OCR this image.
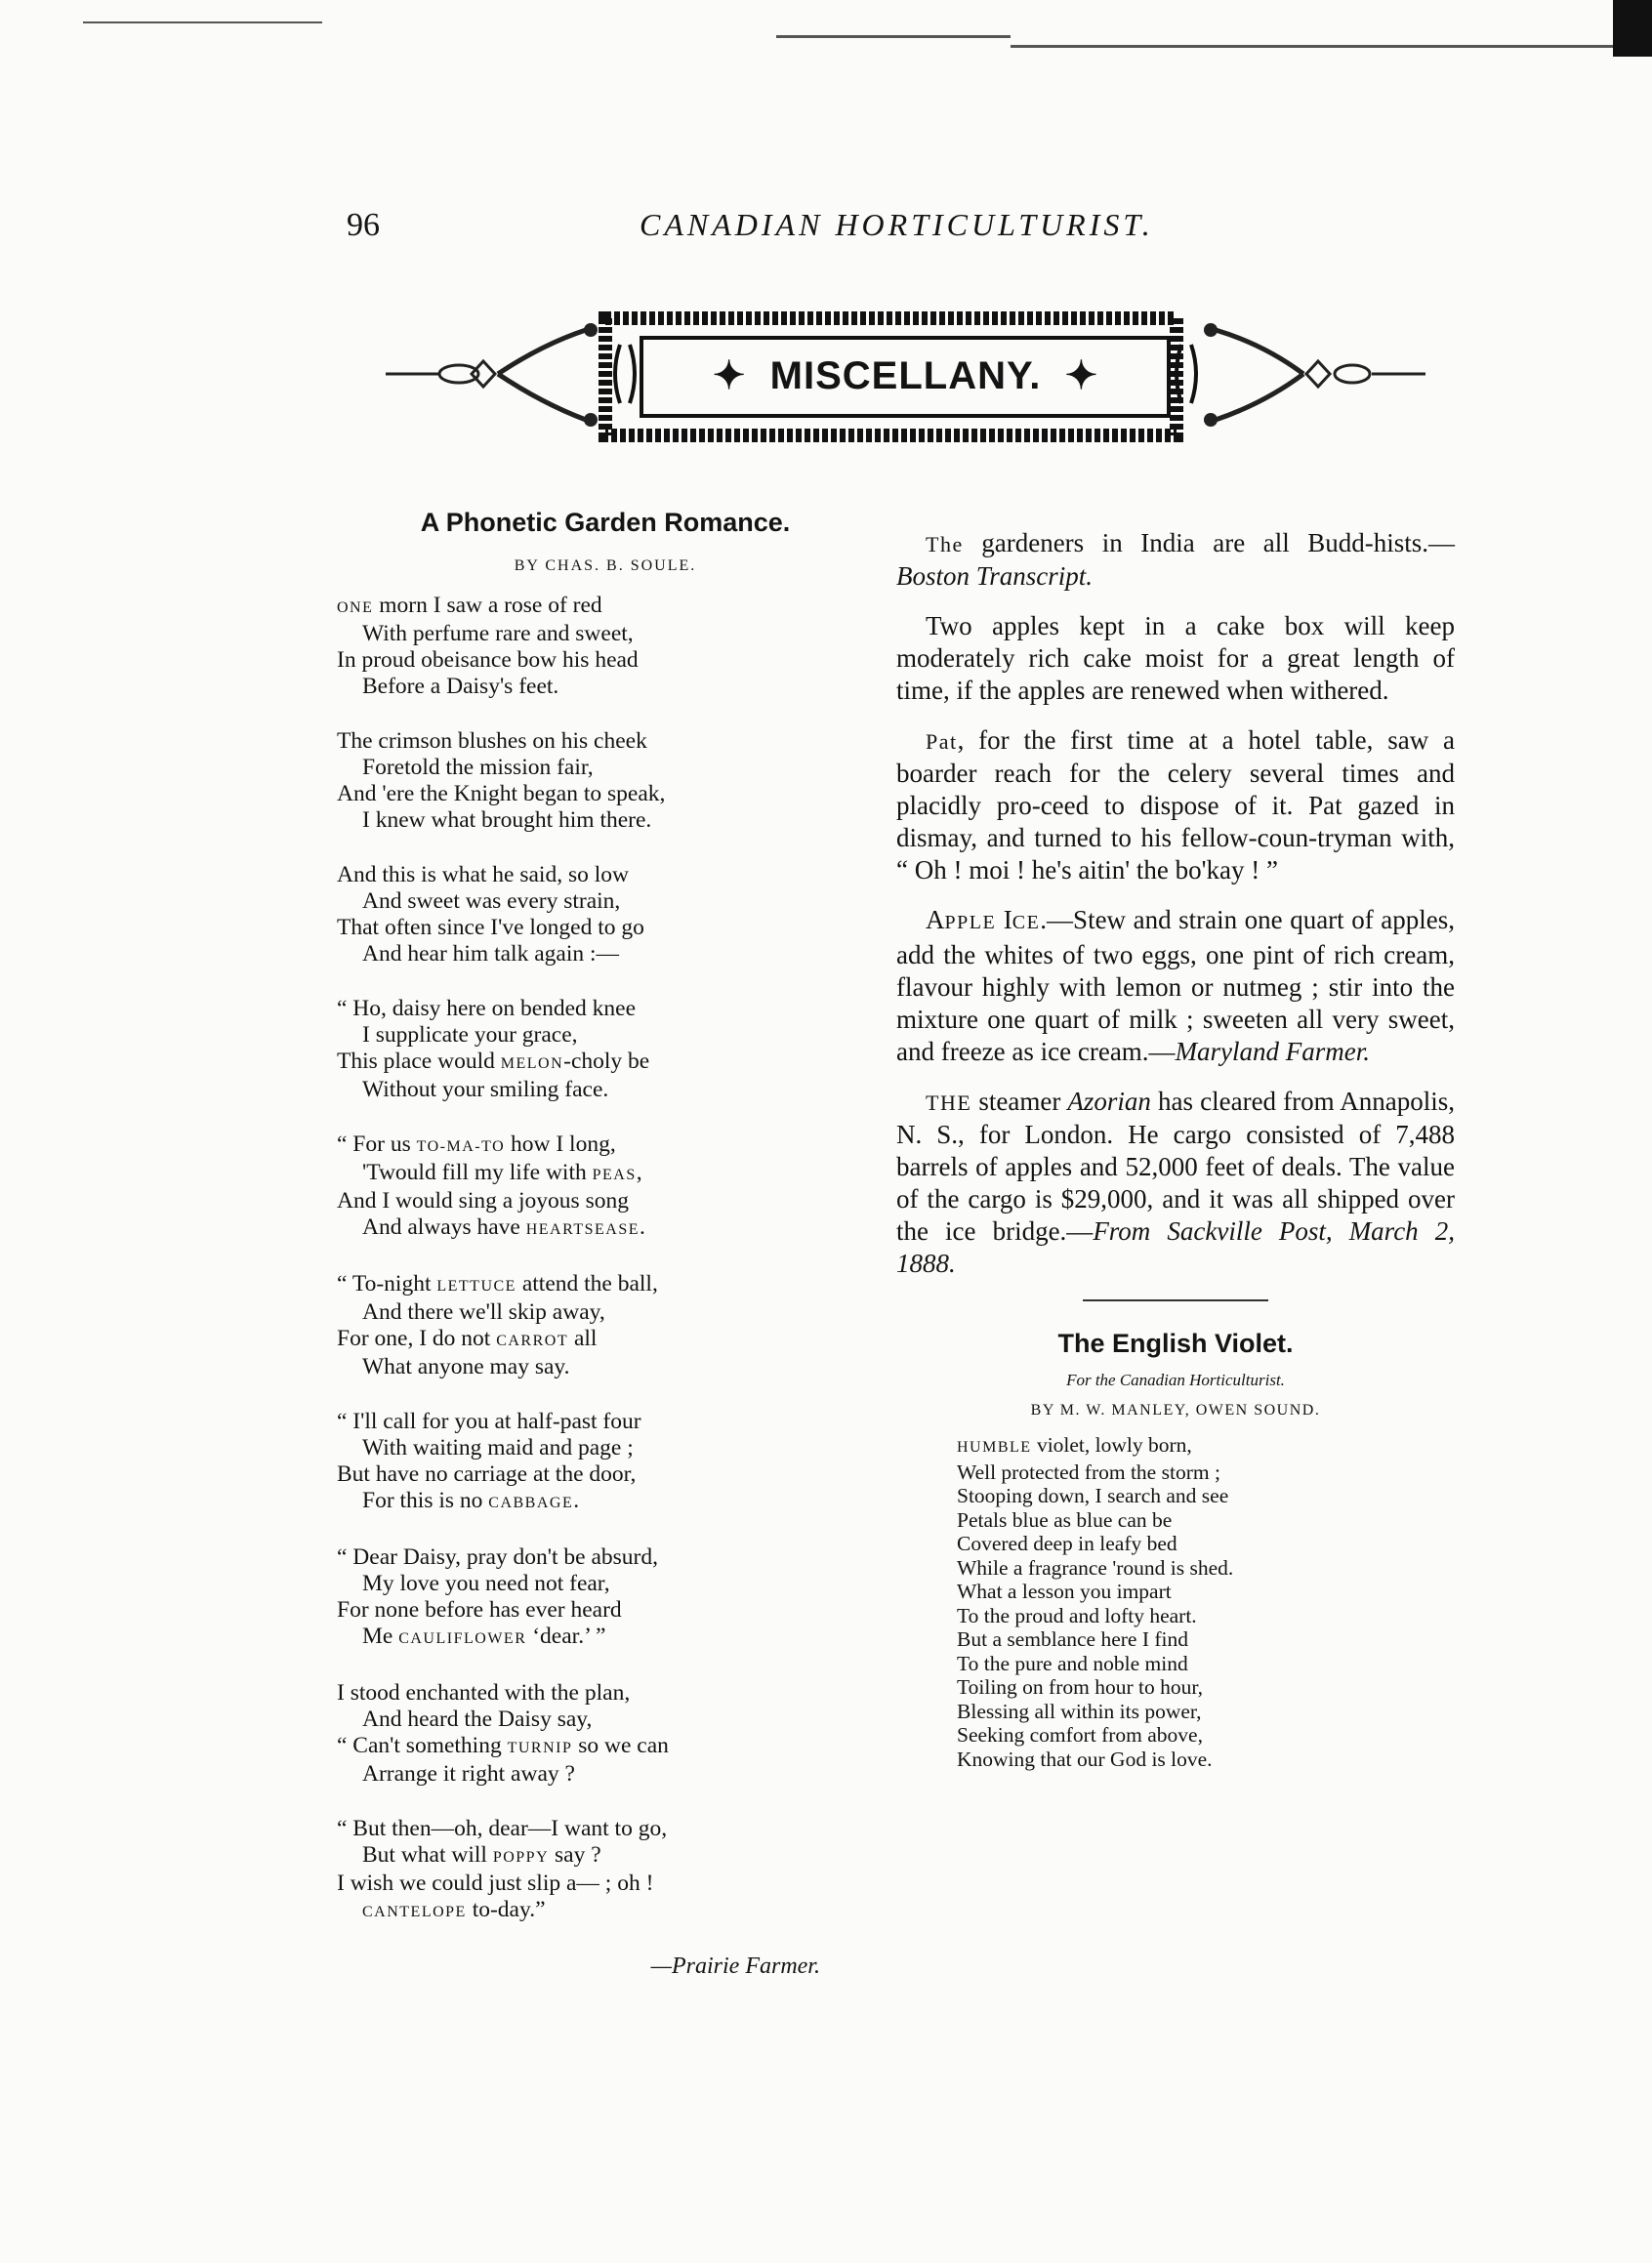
96	CANADIAN HORTICULTURIST.
✦ MISCELLANY. ✦
A Phonetic Garden Romance.
BY CHAS. B. SOULE.
ONE morn I saw a rose of red
With perfume rare and sweet,
In proud obeisance bow his head
Before a Daisy's feet.
The crimson blushes on his cheek
Foretold the mission fair,
And 'ere the Knight began to speak,
I knew what brought him there.
And this is what he said, so low
And sweet was every strain,
That often since I've longed to go
And hear him talk again :—
“ Ho, daisy here on bended knee
I supplicate your grace,
This place would MELON-choly be
Without your smiling face.
“ For us TO-MA-TO how I long,
'Twould fill my life with PEAS,
And I would sing a joyous song
And always have HEARTSEASE.
“ To-night LETTUCE attend the ball,
And there we'll skip away,
For one, I do not CARROT all
What anyone may say.
“ I'll call for you at half-past four
With waiting maid and page ;
But have no carriage at the door,
For this is no CABBAGE.
“ Dear Daisy, pray don't be absurd,
My love you need not fear,
For none before has ever heard
Me CAULIFLOWER ‘dear.’ ”
I stood enchanted with the plan,
And heard the Daisy say,
“ Can't something TURNIP so we can
Arrange it right away ?
“ But then—oh, dear—I want to go,
But what will POPPY say ?
I wish we could just slip a— ; oh !
CANTELOPE to-day.”
—Prairie Farmer.

The gardeners in India are all Budd-hists.—Boston Transcript.

Two apples kept in a cake box will keep moderately rich cake moist for a great length of time, if the apples are renewed when withered.

Pat, for the first time at a hotel table, saw a boarder reach for the celery several times and placidly pro-ceed to dispose of it. Pat gazed in dismay, and turned to his fellow-coun-tryman with, “ Oh ! moi ! he's aitin' the bo'kay ! ”

APPLE ICE.—Stew and strain one quart of apples, add the whites of two eggs, one pint of rich cream, flavour highly with lemon or nutmeg ; stir into the mixture one quart of milk ; sweeten all very sweet, and freeze as ice cream.—Maryland Farmer.

THE steamer Azorian has cleared from Annapolis, N. S., for London. He cargo consisted of 7,488 barrels of apples and 52,000 feet of deals. The value of the cargo is $29,000, and it was all shipped over the ice bridge.—From Sackville Post, March 2, 1888.

The English Violet.
For the Canadian Horticulturist.
BY M. W. MANLEY, OWEN SOUND.
HUMBLE violet, lowly born,
Well protected from the storm ;
Stooping down, I search and see
Petals blue as blue can be
Covered deep in leafy bed
While a fragrance 'round is shed.
What a lesson you impart
To the proud and lofty heart.
But a semblance here I find
To the pure and noble mind
Toiling on from hour to hour,
Blessing all within its power,
Seeking comfort from above,
Knowing that our God is love.
